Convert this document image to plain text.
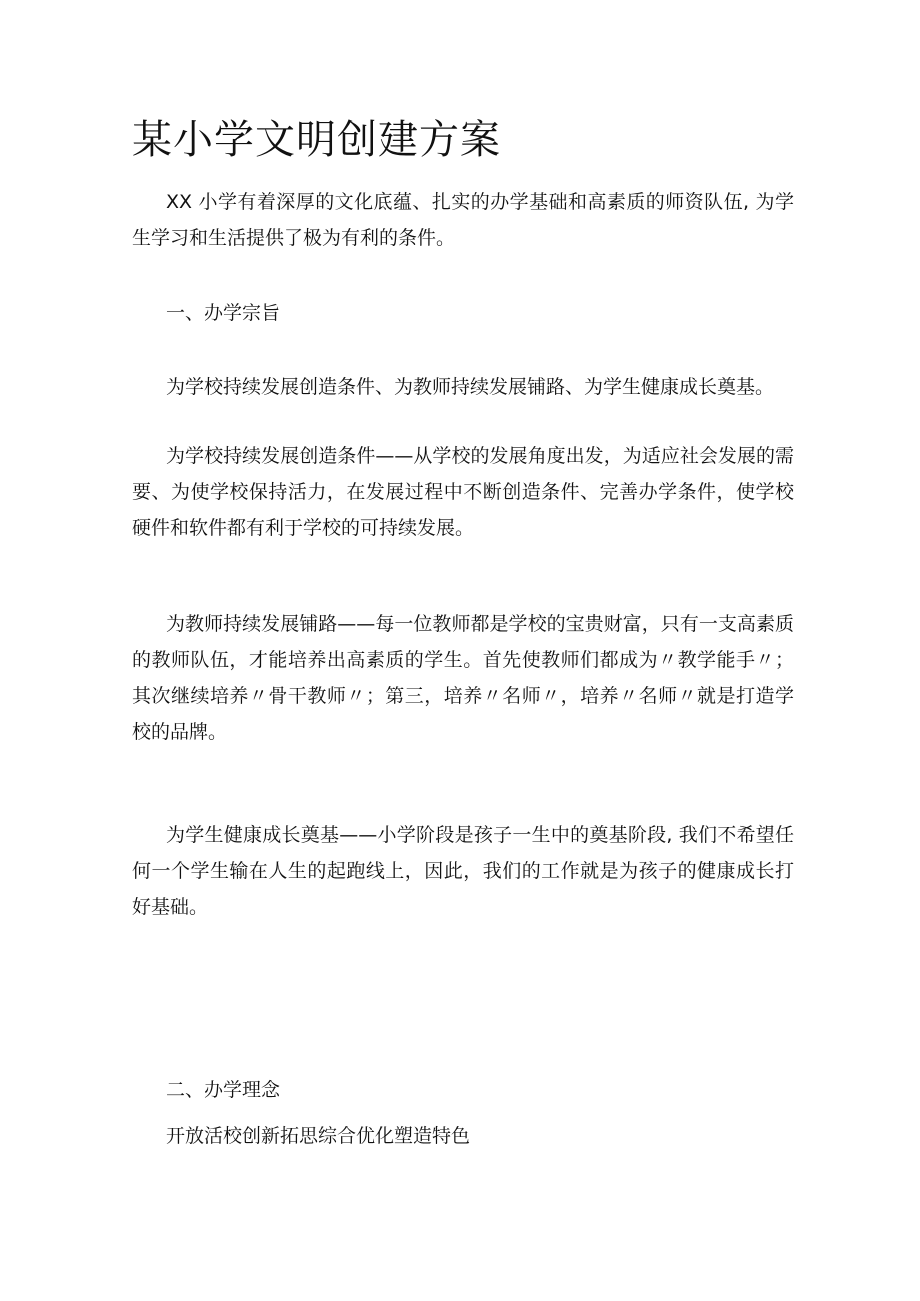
某小学文明创建方案

XX 小学有着深厚的文化底蕴、扎实的办学基础和高素质的师资队伍, 为学生学习和生活提供了极为有利的条件。

一、办学宗旨

为学校持续发展创造条件、为教师持续发展铺路、为学生健康成长奠基。

为学校持续发展创造条件——从学校的发展角度出发，为适应社会发展的需要、为使学校保持活力，在发展过程中不断创造条件、完善办学条件，使学校硬件和软件都有利于学校的可持续发展。

为教师持续发展铺路——每一位教师都是学校的宝贵财富，只有一支高素质的教师队伍，才能培养出高素质的学生。首先使教师们都成为〃教学能手〃；其次继续培养〃骨干教师〃；第三，培养〃名师〃，培养〃名师〃就是打造学校的品牌。

为学生健康成长奠基——小学阶段是孩子一生中的奠基阶段, 我们不希望任何一个学生输在人生的起跑线上，因此，我们的工作就是为孩子的健康成长打好基础。

二、办学理念

开放活校创新拓思综合优化塑造特色
